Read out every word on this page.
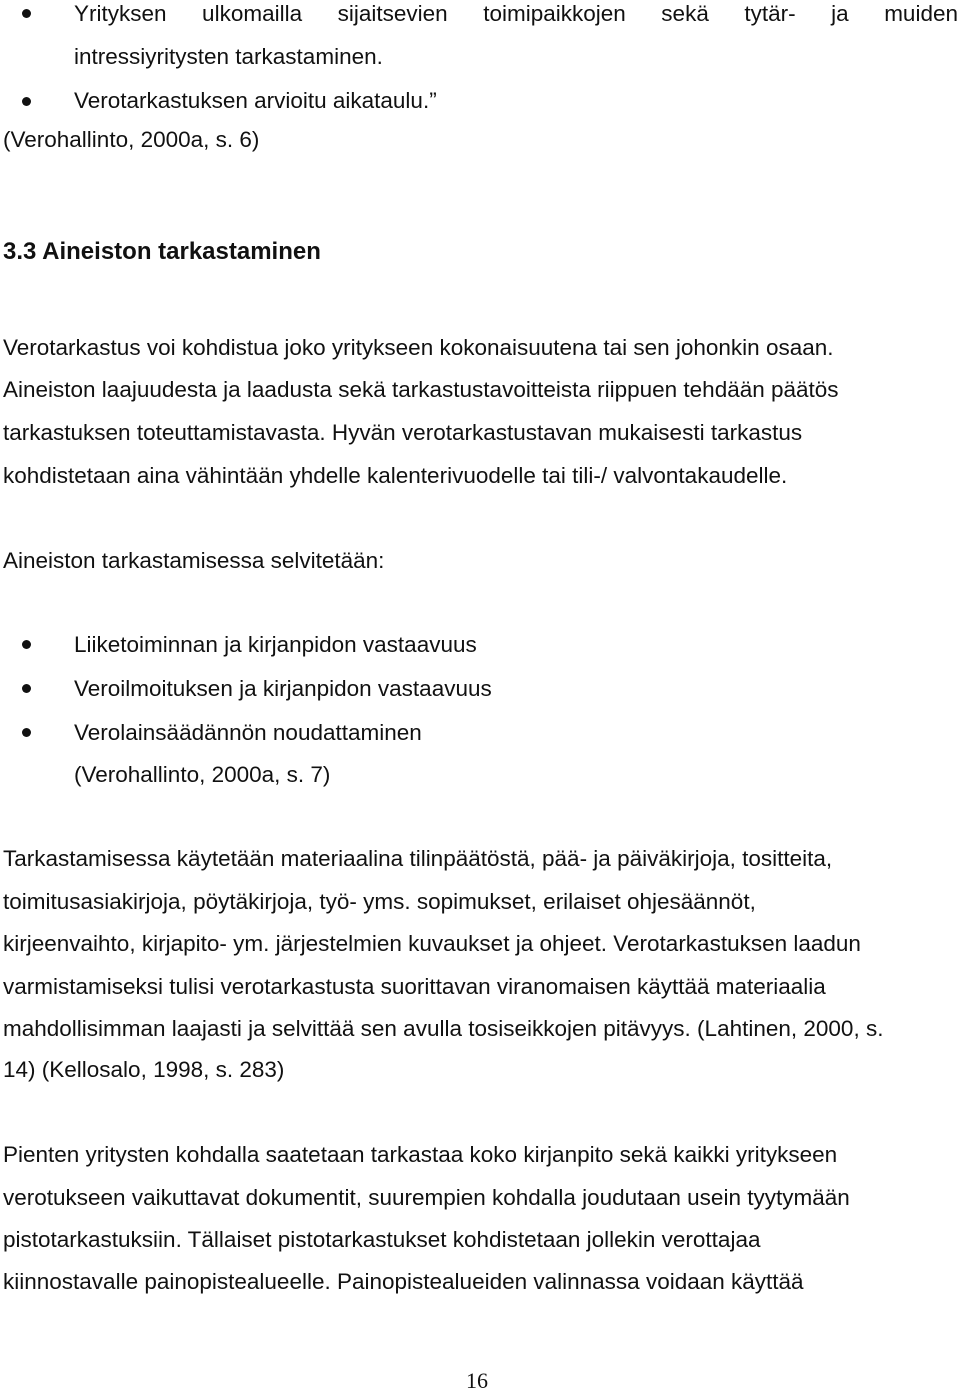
Yrityksen ulkomailla sijaitsevien toimipaikkojen sekä tytär- ja muiden
intressiyritysten tarkastaminen.
Verotarkastuksen arvioitu aikataulu.”
(Verohallinto, 2000a, s. 6)
3.3 Aineiston tarkastaminen
Verotarkastus voi kohdistua joko yritykseen kokonaisuutena tai sen johonkin osaan.
Aineiston laajuudesta ja laadusta sekä tarkastustavoitteista riippuen tehdään päätös
tarkastuksen toteuttamistavasta. Hyvän verotarkastustavan mukaisesti tarkastus
kohdistetaan aina vähintään yhdelle kalenterivuodelle tai tili-/ valvontakaudelle.
Aineiston tarkastamisessa selvitetään:
Liiketoiminnan ja kirjanpidon vastaavuus
Veroilmoituksen ja kirjanpidon vastaavuus
Verolainsäädännön noudattaminen
(Verohallinto, 2000a, s. 7)
Tarkastamisessa käytetään materiaalina tilinpäätöstä, pää- ja päiväkirjoja, tositteita,
toimitusasiakirjoja, pöytäkirjoja, työ- yms. sopimukset, erilaiset ohjesäännöt,
kirjeenvaihto, kirjapito- ym. järjestelmien kuvaukset ja ohjeet. Verotarkastuksen laadun
varmistamiseksi tulisi verotarkastusta suorittavan viranomaisen käyttää materiaalia
mahdollisimman laajasti ja selvittää sen avulla tosiseikkojen pitävyys. (Lahtinen, 2000, s.
14) (Kellosalo, 1998, s. 283)
Pienten yritysten kohdalla saatetaan tarkastaa koko kirjanpito sekä kaikki yritykseen
verotukseen vaikuttavat dokumentit, suurempien kohdalla joudutaan usein tyytymään
pistotarkastuksiin. Tällaiset pistotarkastukset kohdistetaan jollekin verottajaa
kiinnostavalle painopistealueelle. Painopistealueiden valinnassa voidaan käyttää
16
